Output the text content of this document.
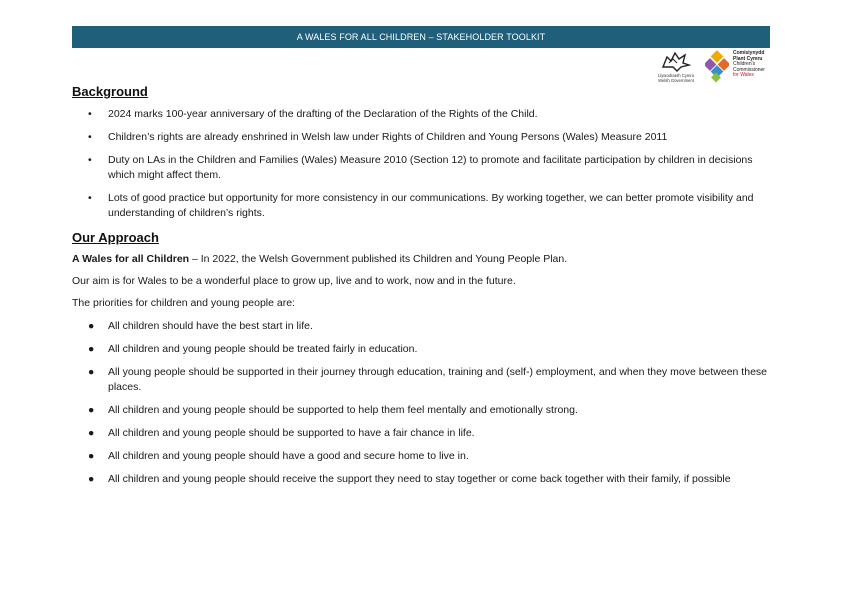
A WALES FOR ALL CHILDREN – STAKEHOLDER TOOLKIT
Llywodraeth Cymru
Welsh Government
Comisiynydd
Plant Cymru
Children's
Commissioner
for Wales
Background
• 2024 marks 100-year anniversary of the drafting of the Declaration of the Rights of the Child.
• Children’s rights are already enshrined in Welsh law under Rights of Children and Young Persons (Wales) Measure 2011
• Duty on LAs in the Children and Families (Wales) Measure 2010 (Section 12) to promote and facilitate participation by children in decisions which might affect them.
• Lots of good practice but opportunity for more consistency in our communications. By working together, we can better promote visibility and understanding of children’s rights.
Our Approach

A Wales for all Children – In 2022, the Welsh Government published its Children and Young People Plan.

Our aim is for Wales to be a wonderful place to grow up, live and to work, now and in the future.

The priorities for children and young people are:

● All children should have the best start in life.
● All children and young people should be treated fairly in education.
● All young people should be supported in their journey through education, training and (self-) employment, and when they move between these places.
● All children and young people should be supported to help them feel mentally and emotionally strong.
● All children and young people should be supported to have a fair chance in life.
● All children and young people should have a good and secure home to live in.
● All children and young people should receive the support they need to stay together or come back together with their family, if possible
